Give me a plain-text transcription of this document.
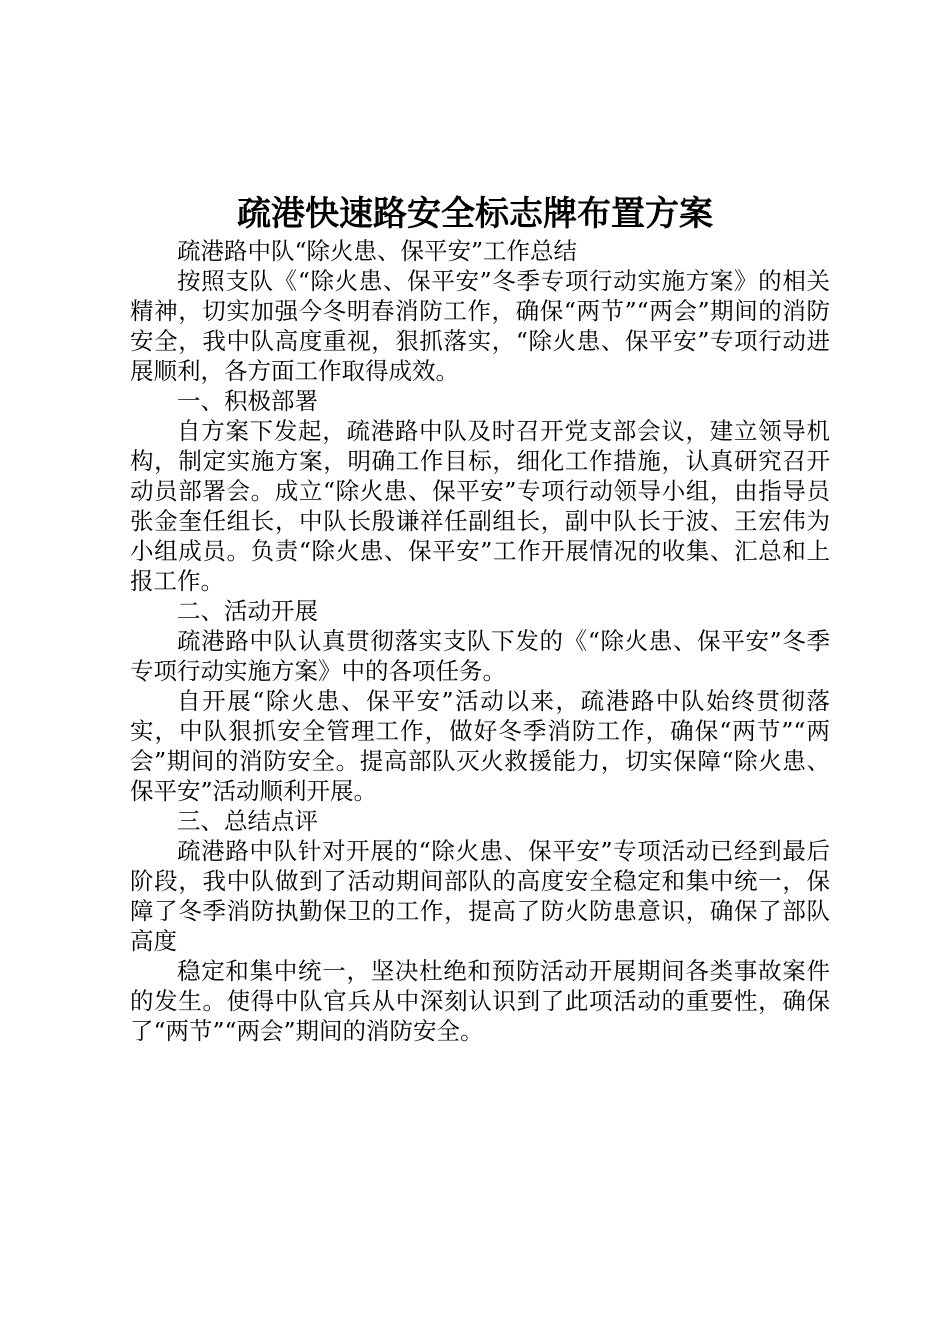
疏港快速路安全标志牌布置方案

疏港路中队“除火患、保平安”工作总结

按照支队《“除火患、保平安”冬季专项行动实施方案》的相关精神，切实加强今冬明春消防工作，确保“两节”“两会”期间的消防安全，我中队高度重视，狠抓落实，“除火患、保平安”专项行动进展顺利，各方面工作取得成效。

一、积极部署

自方案下发起，疏港路中队及时召开党支部会议，建立领导机构，制定实施方案，明确工作目标，细化工作措施，认真研究召开动员部署会。成立“除火患、保平安”专项行动领导小组，由指导员张金奎任组长，中队长殷谦祥任副组长，副中队长于波、王宏伟为小组成员。负责“除火患、保平安”工作开展情况的收集、汇总和上报工作。

二、活动开展

疏港路中队认真贯彻落实支队下发的《“除火患、保平安”冬季专项行动实施方案》中的各项任务。

自开展“除火患、保平安”活动以来，疏港路中队始终贯彻落实，中队狠抓安全管理工作，做好冬季消防工作，确保“两节”“两会”期间的消防安全。提高部队灭火救援能力，切实保障“除火患、保平安”活动顺利开展。

三、总结点评

疏港路中队针对开展的“除火患、保平安”专项活动已经到最后阶段，我中队做到了活动期间部队的高度安全稳定和集中统一，保障了冬季消防执勤保卫的工作，提高了防火防患意识，确保了部队高度

稳定和集中统一，坚决杜绝和预防活动开展期间各类事故案件的发生。使得中队官兵从中深刻认识到了此项活动的重要性，确保了“两节”“两会”期间的消防安全。
